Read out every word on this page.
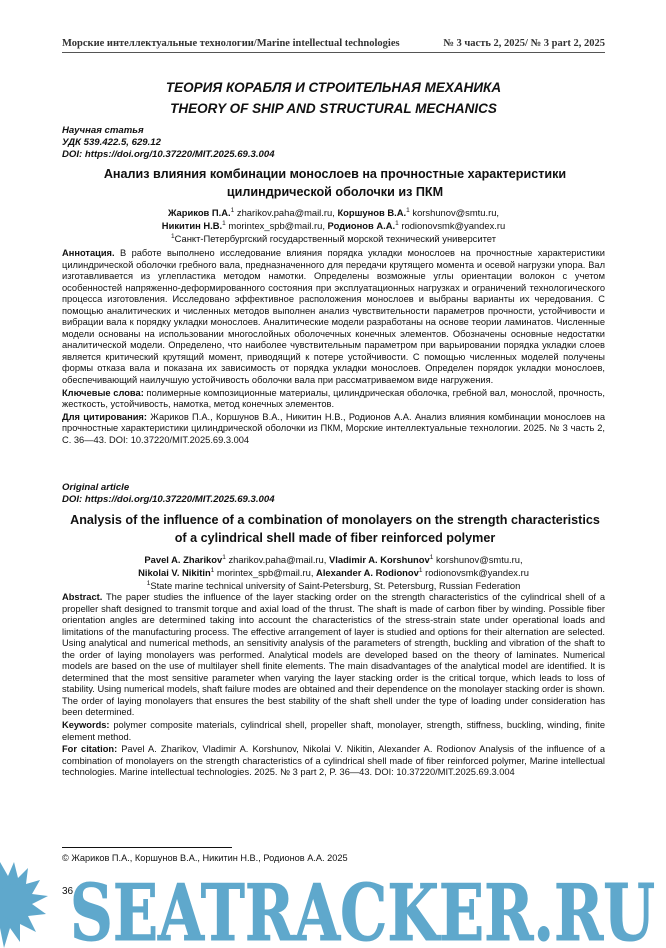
Морские интеллектуальные технологии/Marine intellectual technologies	№ 3 часть 2, 2025/ № 3 part 2, 2025
ТЕОРИЯ КОРАБЛЯ И СТРОИТЕЛЬНАЯ МЕХАНИКА
THEORY OF SHIP AND STRUCTURAL MECHANICS
Научная статья
УДК 539.422.5, 629.12
DOI: https://doi.org/10.37220/MIT.2025.69.3.004
Анализ влияния комбинации монослоев на прочностные характеристики цилиндрической оболочки из ПКМ
Жариков П.А.$^1$ zharikov.paha@mail.ru, Коршунов В.А.$^1$ korshunov@smtu.ru,
Никитин Н.В.$^1$ morintex_spb@mail.ru, Родионов А.А.$^1$ rodionovsmk@yandex.ru
$^1$Санкт-Петербургский государственный морской технический университет

Аннотация. В работе выполнено исследование влияния порядка укладки монослоев на прочностные характеристики цилиндрической оболочки гребного вала, предназначенного для передачи крутящего момента и осевой нагрузки упора. Вал изготавливается из углепластика методом намотки. Определены возможные углы ориентации волокон с учетом особенностей напряженно-деформированного состояния при эксплуатационных нагрузках и ограничений технологического процесса изготовления. Исследовано эффективное расположения монослоев и выбраны варианты их чередования. С помощью аналитических и численных методов выполнен анализ чувствительности параметров прочности, устойчивости и вибрации вала к порядку укладки монослоев. Аналитические модели разработаны на основе теории ламинатов. Численные модели основаны на использовании многослойных оболочечных конечных элементов. Обозначены основные недостатки аналитической модели. Определено, что наиболее чувствительным параметром при варьировании порядка укладки слоев является критический крутящий момент, приводящий к потере устойчивости. С помощью численных моделей получены формы отказа вала и показана их зависимость от порядка укладки монослоев. Определен порядок укладки монослоев, обеспечивающий наилучшую устойчивость оболочки вала при рассматриваемом виде нагружения.

Ключевые слова: полимерные композиционные материалы, цилиндрическая оболочка, гребной вал, монослой, прочность, жесткость, устойчивость, намотка, метод конечных элементов.

Для цитирования: Жариков П.А., Коршунов В.А., Никитин Н.В., Родионов А.А. Анализ влияния комбинации монослоев на прочностные характеристики цилиндрической оболочки из ПКМ, Морские интеллектуальные технологии. 2025. № 3 часть 2, С. 36—43. DOI: 10.37220/MIT.2025.69.3.004

Original article
DOI: https://doi.org/10.37220/MIT.2025.69.3.004
Analysis of the influence of a combination of monolayers on the strength characteristics of a cylindrical shell made of fiber reinforced polymer
Pavel A. Zharikov$^1$ zharikov.paha@mail.ru, Vladimir A. Korshunov$^1$ korshunov@smtu.ru,
Nikolai V. Nikitin$^1$ morintex_spb@mail.ru, Alexander A. Rodionov$^1$ rodionovsmk@yandex.ru
$^1$State marine technical university of Saint-Petersburg, St. Petersburg, Russian Federation

Abstract. The paper studies the influence of the layer stacking order on the strength characteristics of the cylindrical shell of a propeller shaft designed to transmit torque and axial load of the thrust. The shaft is made of carbon fiber by winding. Possible fiber orientation angles are determined taking into account the characteristics of the stress-strain state under operational loads and limitations of the manufacturing process. The effective arrangement of layer is studied and options for their alternation are selected. Using analytical and numerical methods, an sensitivity analysis of the parameters of strength, buckling and vibration of the shaft to the order of laying monolayers was performed. Analytical models are developed based on the theory of laminates. Numerical models are based on the use of multilayer shell finite elements. The main disadvantages of the analytical model are identified. It is determined that the most sensitive parameter when varying the layer stacking order is the critical torque, which leads to loss of stability. Using numerical models, shaft failure modes are obtained and their dependence on the monolayer stacking order is shown. The order of laying monolayers that ensures the best stability of the shaft shell under the type of loading under consideration has been determined.

Keywords: polymer composite materials, cylindrical shell, propeller shaft, monolayer, strength, stiffness, buckling, winding, finite element method.

For citation: Pavel A. Zharikov, Vladimir A. Korshunov, Nikolai V. Nikitin, Alexander A. Rodionov Analysis of the influence of a combination of monolayers on the strength characteristics of a cylindrical shell made of fiber reinforced polymer, Marine intellectual technologies. Marine intellectual technologies. 2025. № 3 part 2, P. 36—43. DOI: 10.37220/MIT.2025.69.3.004

© Жариков П.А., Коршунов В.А., Никитин Н.В., Родионов А.А. 2025
SEATRACKER.RU
36
